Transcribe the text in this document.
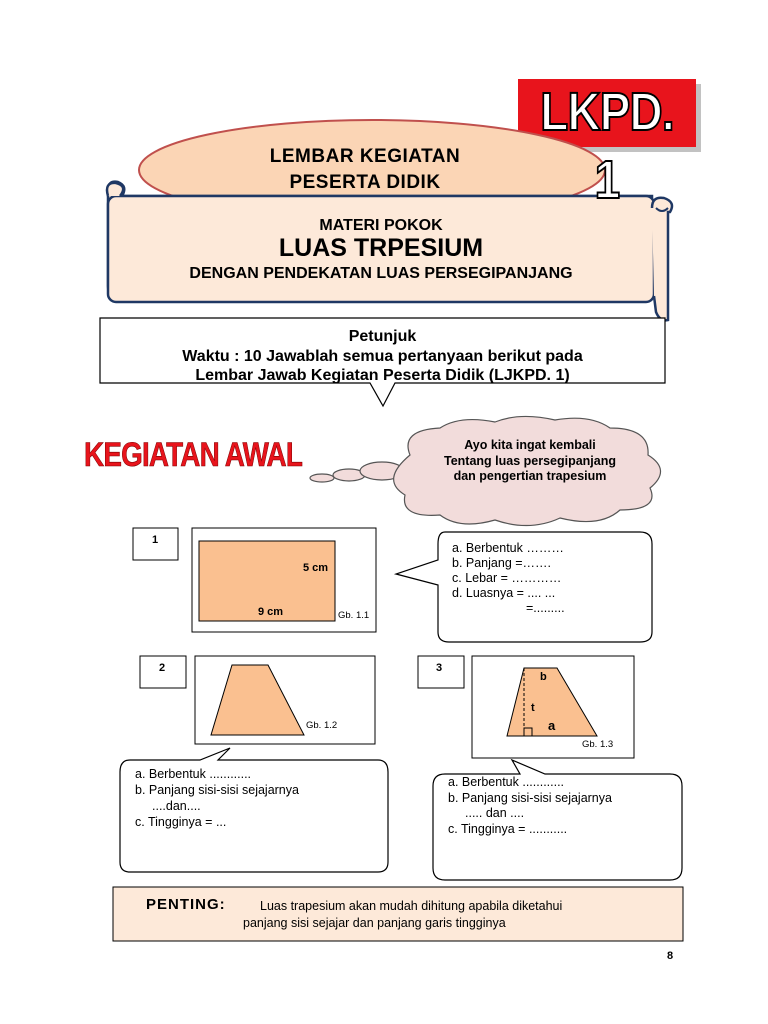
LKPD. 1
LEMBAR KEGIATAN
PESERTA DIDIK
MATERI POKOK
LUAS TRPESIUM
DENGAN PENDEKATAN LUAS PERSEGIPANJANG
Petunjuk
Waktu : 10 Jawablah semua pertanyaan berikut pada
Lembar Jawab Kegiatan Peserta Didik (LJKPD. 1)
KEGIATAN AWAL	Ayo kita ingat kembali
Tentang luas persegipanjang
dan pengertian trapesium
1
5 cm
9 cm	Gb. 1.1
a. Berbentuk ………
b. Panjang =…….
c. Lebar = …………
d. Luasnya = .... ...
=.........
2
Gb. 1.2
a. Berbentuk ............
b. Panjang sisi-sisi sejajarnya
....dan....
c. Tingginya = ...
3
b
t
a
Gb. 1.3
a. Berbentuk ............
b. Panjang sisi-sisi sejajarnya
..... dan ....
c. Tingginya = ...........
PENTING:	Luas trapesium akan mudah dihitung apabila diketahui
panjang sisi sejajar dan panjang garis tingginya
8
